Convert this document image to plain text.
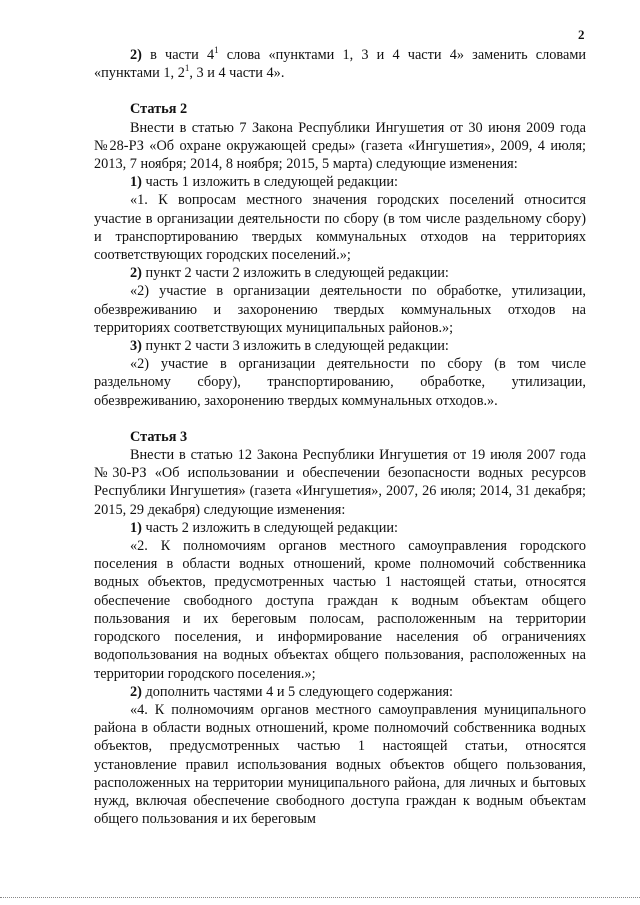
2

2) в части $4^1$ слова «пунктами 1, 3 и 4 части 4» заменить словами «пунктами 1, $2^1$, 3 и 4 части 4».

Статья 2

Внести в статью 7 Закона Республики Ингушетия от 30 июня 2009 года №28-РЗ «Об охране окружающей среды» (газета «Ингушетия», 2009, 4 июля; 2013, 7 ноября; 2014, 8 ноября; 2015, 5 марта) следующие изменения:

1) часть 1 изложить в следующей редакции:

«1. К вопросам местного значения городских поселений относится участие в организации деятельности по сбору (в том числе раздельному сбору) и транспортированию твердых коммунальных отходов на территориях соответствующих городских поселений.»;

2) пункт 2 части 2 изложить в следующей редакции:

«2) участие в организации деятельности по обработке, утилизации, обезвреживанию и захоронению твердых коммунальных отходов на территориях соответствующих муниципальных районов.»;

3) пункт 2 части 3 изложить в следующей редакции:

«2) участие в организации деятельности по сбору (в том числе раздельному сбору), транспортированию, обработке, утилизации, обезвреживанию, захоронению твердых коммунальных отходов.».

Статья 3

Внести в статью 12 Закона Республики Ингушетия от 19 июля 2007 года №30-РЗ «Об использовании и обеспечении безопасности водных ресурсов Республики Ингушетия» (газета «Ингушетия», 2007, 26 июля; 2014, 31 декабря; 2015, 29 декабря) следующие изменения:

1) часть 2 изложить в следующей редакции:

«2. К полномочиям органов местного самоуправления городского поселения в области водных отношений, кроме полномочий собственника водных объектов, предусмотренных частью 1 настоящей статьи, относятся обеспечение свободного доступа граждан к водным объектам общего пользования и их береговым полосам, расположенным на территории городского поселения, и информирование населения об ограничениях водопользования на водных объектах общего пользования, расположенных на территории городского поселения.»;

2) дополнить частями 4 и 5 следующего содержания:

«4. К полномочиям органов местного самоуправления муниципального района в области водных отношений, кроме полномочий собственника водных объектов, предусмотренных частью 1 настоящей статьи, относятся установление правил использования водных объектов общего пользования, расположенных на территории муниципального района, для личных и бытовых нужд, включая обеспечение свободного доступа граждан к водным объектам общего пользования и их береговым
